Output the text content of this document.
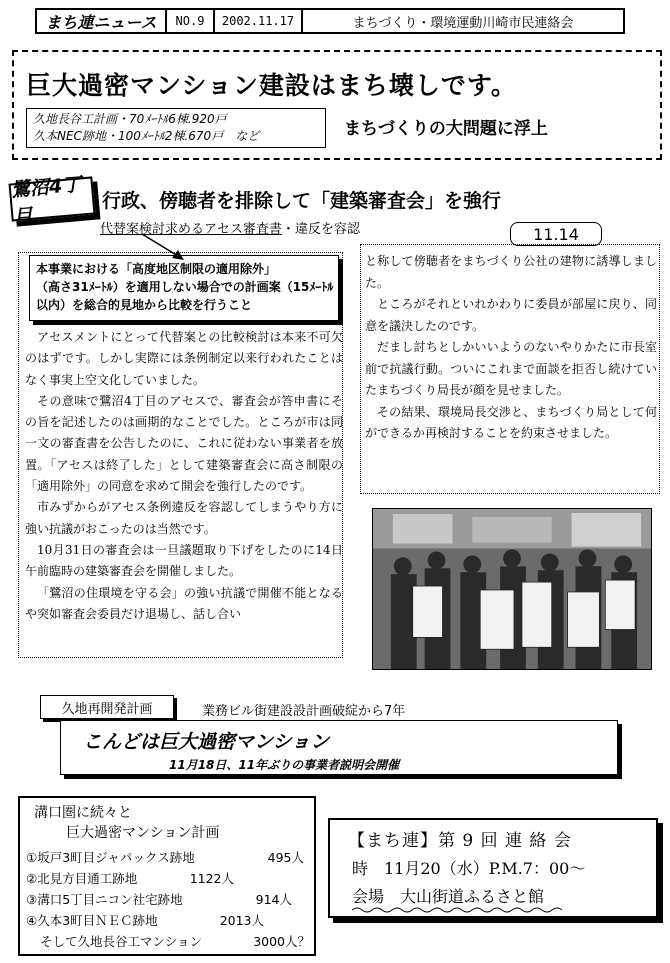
まち連ニュース	NO.9	2002.11.17	まちづくり・環境運動川崎市民連絡会
巨大過密マンション建設はまち壊しです。
久地長谷工計画・70ﾒｰﾄﾙ6棟.920戸
久本NEC跡地・100ﾒｰﾄﾙ2棟.670戸　など	まちづくりの大問題に浮上
鷺沼4丁目
行政、傍聴者を排除して「建築審査会」を強行
代替案検討求めるアセス審査書・違反を容認	11.14
本事業における「高度地区制限の適用除外」
（高さ31ﾒｰﾄﾙ）を適用しない場合での計画案（15ﾒｰﾄﾙ
以内）を総合的見地から比較を行うこと

アセスメントにとって代替案との比較検討は本来不可欠のはずです。しかし実際には条例制定以来行われたことはなく事実上空文化していました。

その意味で鷺沼4丁目のアセスで、審査会が答申書にその旨を記述したのは画期的なことでした。ところが市は同一文の審査書を公告したのに、これに従わない事業者を放置。「アセスは終了した」として建築審査会に高さ制限の「適用除外」の同意を求めて開会を強行したのです。

市みずからがアセス条例違反を容認してしまうやり方に強い抗議がおこったのは当然です。

10月31日の審査会は一旦議題取り下げをしたのに14日午前臨時の建築審査会を開催しました。

「鷺沼の住環境を守る会」の強い抗議で開催不能となるや突如審査会委員だけ退場し、話し合い

と称して傍聴者をまちづくり公社の建物に誘導しました。

ところがそれといれかわりに委員が部屋に戻り、同意を議決したのです。

だまし討ちとしかいいようのないやりかたに市長室前で抗議行動。ついにこれまで面談を拒否し続けていたまちづくり局長が顔を見せました。

その結果、環境局長交渉と、まちづくり局として何ができるか再検討することを約束させました。

久地再開発計画	業務ビル街建設設計画破綻から7年
こんどは巨大過密マンション
11月18日、11年ぶりの事業者説明会開催
溝口圏に続々と
巨大過密マンション計画
①坂戸3町目ジャパックス跡地	495人
②北見方目通工跡地	1122人
③溝口5丁目ニコン社宅跡地	914人
④久本3町目ＮＥＣ跡地	2013人
そして久地長谷工マンション	3000人？
【まち連】第 9 回 連 絡 会
時　11月20（水）P.M.7：00～
会場　大山街道ふるさと館
